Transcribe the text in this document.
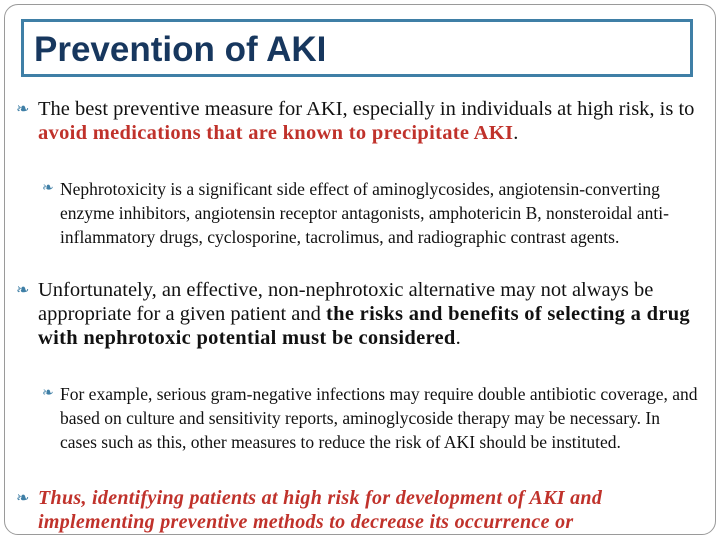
Prevention of AKI

❧ The best preventive measure for AKI, especially in individuals at high risk, is to avoid medications that are known to precipitate AKI.

❧ Nephrotoxicity is a significant side effect of aminoglycosides, angiotensin-converting enzyme inhibitors, angiotensin receptor antagonists, amphotericin B, nonsteroidal anti-inflammatory drugs, cyclosporine, tacrolimus, and radiographic contrast agents.

❧ Unfortunately, an effective, non-nephrotoxic alternative may not always be appropriate for a given patient and the risks and benefits of selecting a drug with nephrotoxic potential must be considered.

❧ For example, serious gram-negative infections may require double antibiotic coverage, and based on culture and sensitivity reports, aminoglycoside therapy may be necessary. In cases such as this, other measures to reduce the risk of AKI should be instituted.

❧ Thus, identifying patients at high risk for development of AKI and implementing preventive methods to decrease its occurrence or
